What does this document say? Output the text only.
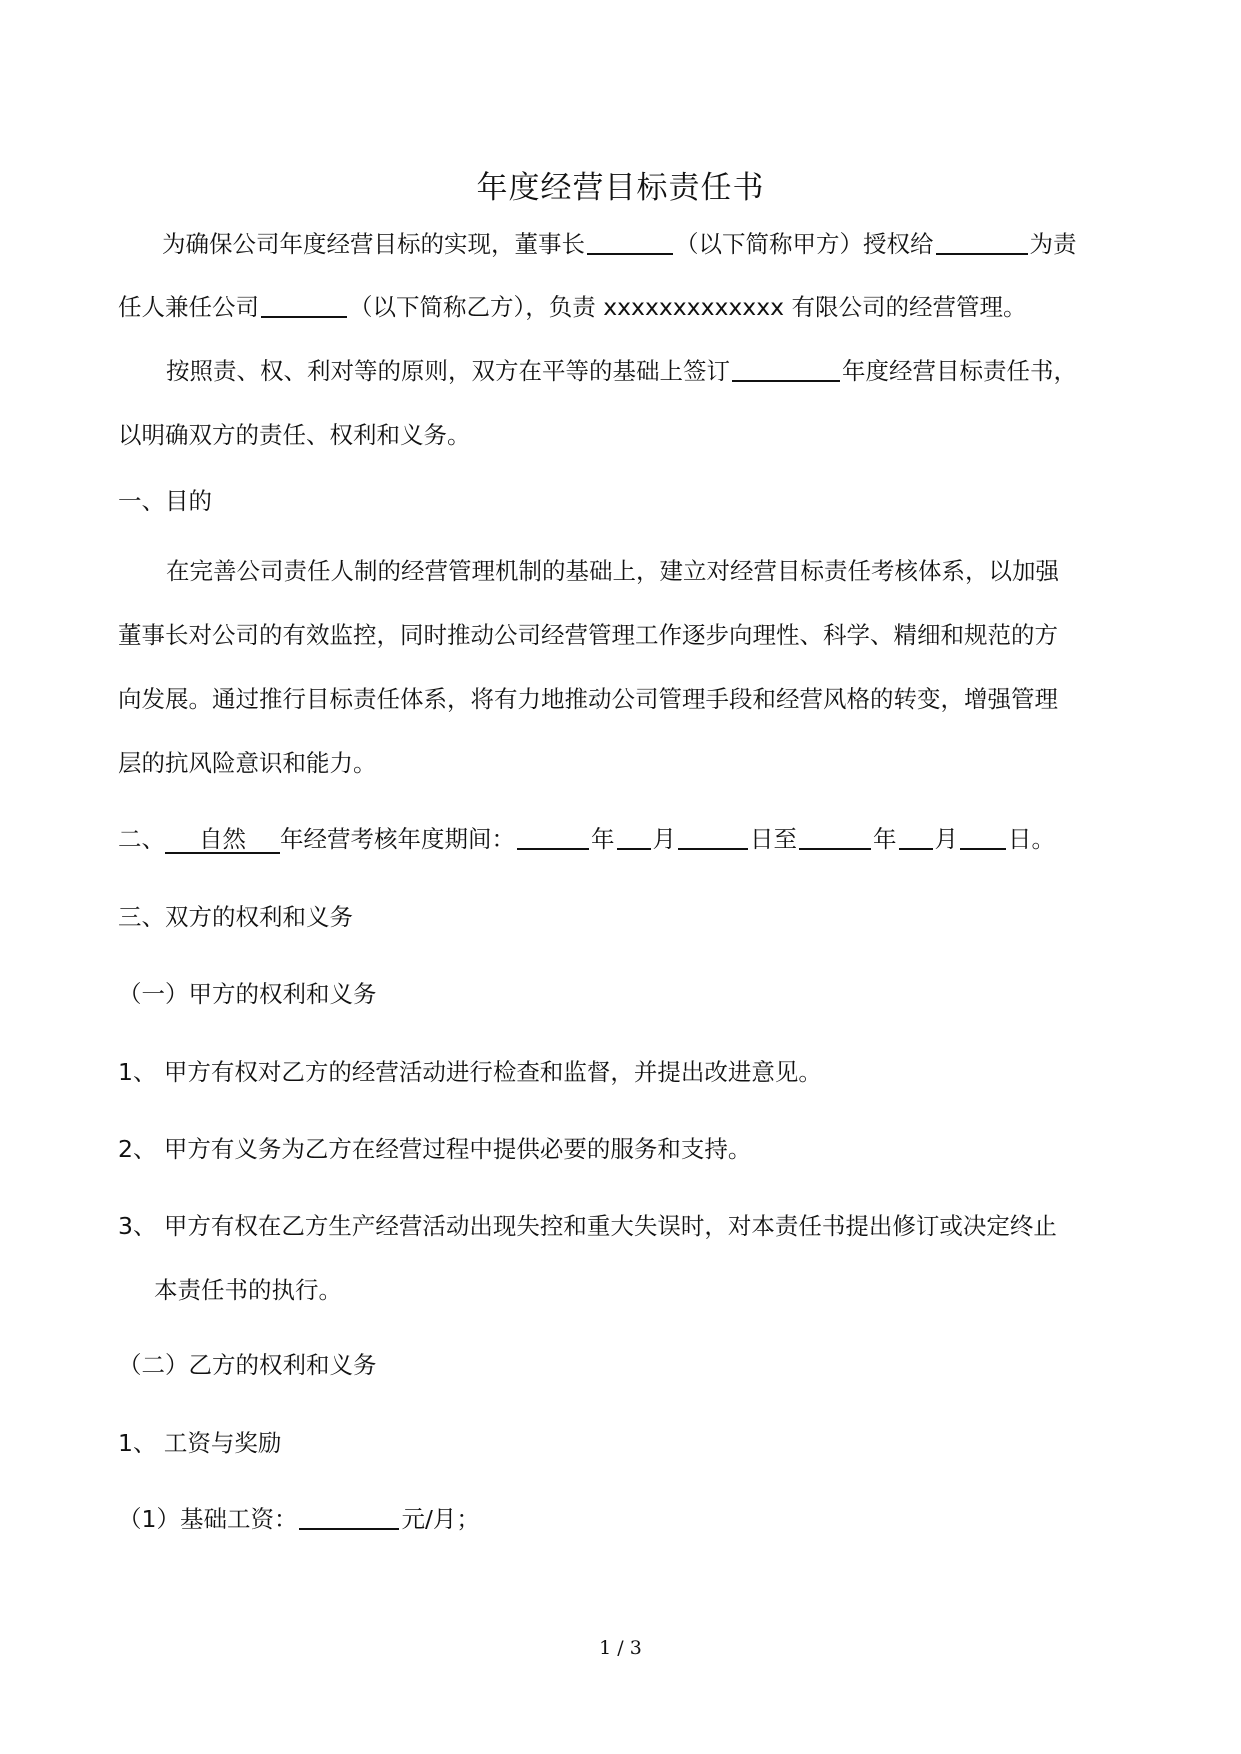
年度经营目标责任书
为确保公司年度经营目标的实现，董事长	（以下简称甲方）授权给	为责
任人兼任公司	（以下简称乙方），负责 xxxxxxxxxxxxx 有限公司的经营管理。
按照责、权、利对等的原则，双方在平等的基础上签订	年度经营目标责任书，
以明确双方的责任、权利和义务。
一、目的
在完善公司责任人制的经营管理机制的基础上，建立对经营目标责任考核体系，以加强
董事长对公司的有效监控，同时推动公司经营管理工作逐步向理性、科学、精细和规范的方
向发展。通过推行目标责任体系，将有力地推动公司管理手段和经营风格的转变，增强管理
层的抗风险意识和能力。
二、 自然 年经营考核年度期间：	年 月	日至	年 月 日。
三、双方的权利和义务
（一）甲方的权利和义务
1、 甲方有权对乙方的经营活动进行检查和监督，并提出改进意见。
2、 甲方有义务为乙方在经营过程中提供必要的服务和支持。
3、 甲方有权在乙方生产经营活动出现失控和重大失误时，对本责任书提出修订或决定终止
本责任书的执行。
（二）乙方的权利和义务
1、 工资与奖励
（1）基础工资：	元/月；
1 / 3
